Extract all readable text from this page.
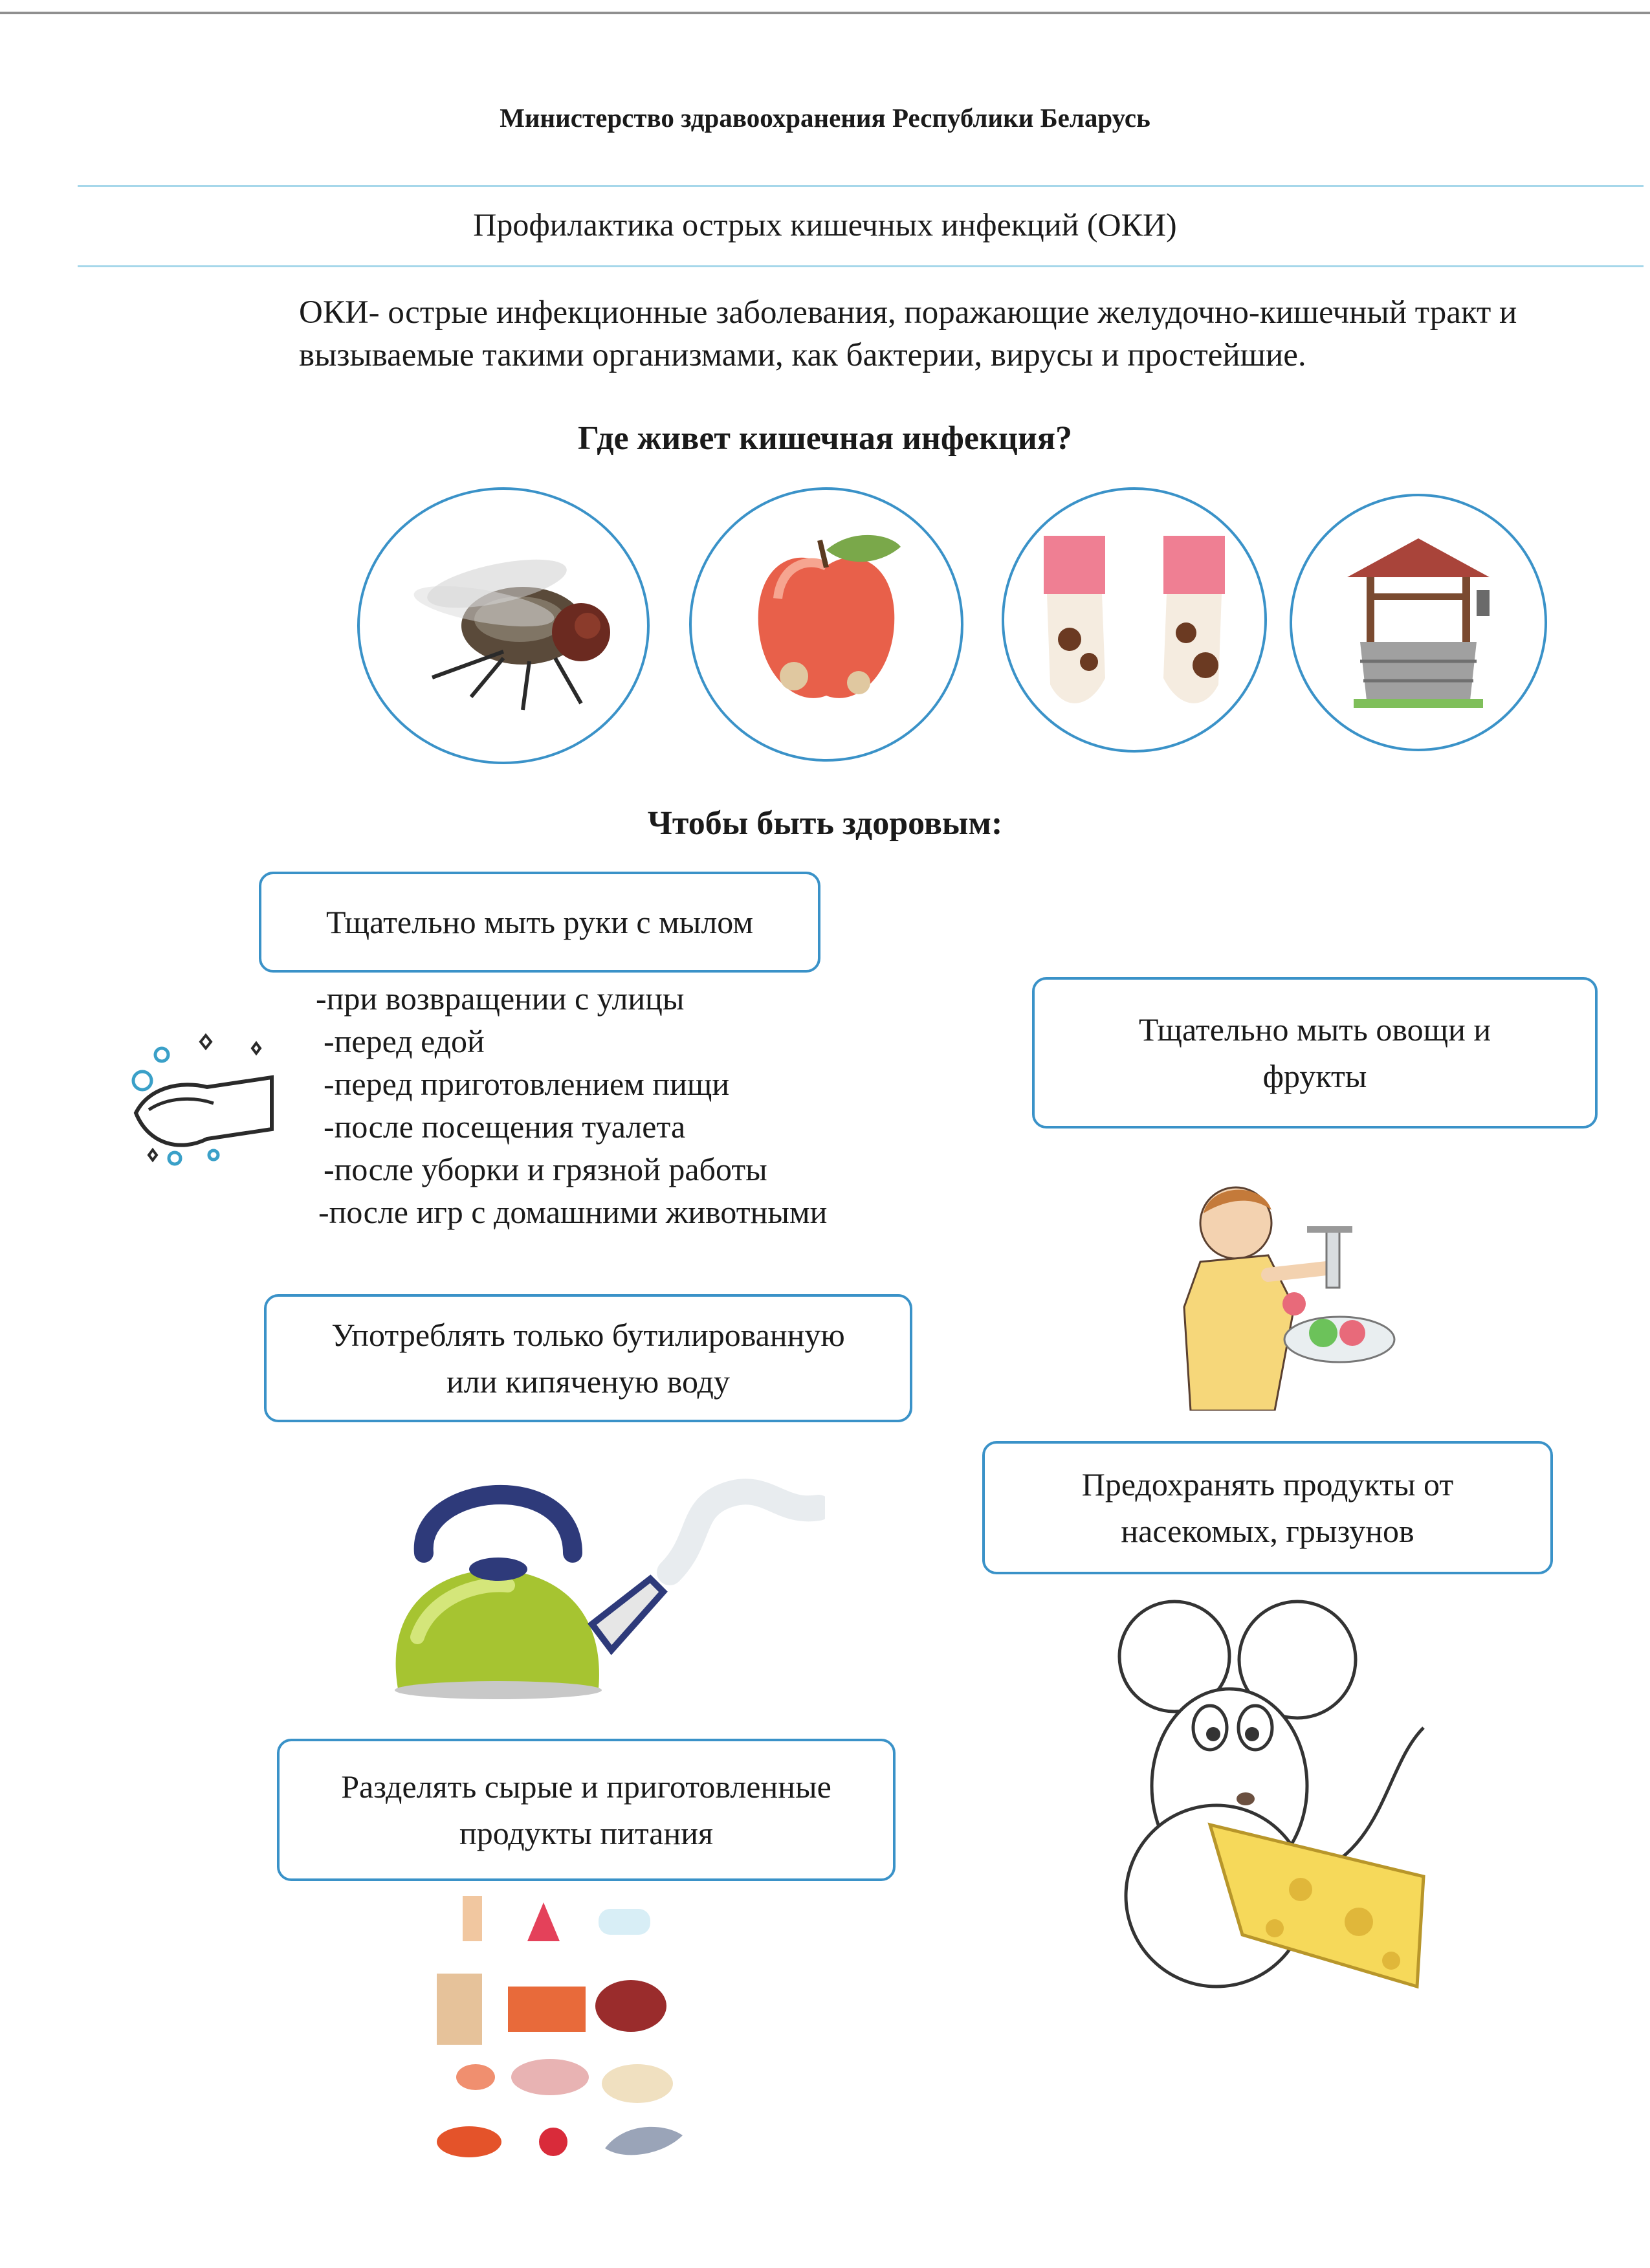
Министерство здравоохранения Республики Беларусь
Профилактика острых кишечных инфекций (ОКИ)
ОКИ- острые инфекционные заболевания, поражающие желудочно-кишечный тракт и вызываемые такими организмами, как бактерии, вирусы и простейшие.
Где живет кишечная инфекция?
Чтобы быть здоровым:
Тщательно мыть руки с мылом
Тщательно мыть овощи и
фрукты
-при возвращении с улицы
-перед едой
-перед приготовлением пищи
-после посещения туалета
-после уборки и грязной работы
-после игр с домашними животными
Употреблять только бутилированную
или кипяченую воду
Предохранять продукты от
насекомых, грызунов
Разделять сырые и приготовленные
продукты питания
